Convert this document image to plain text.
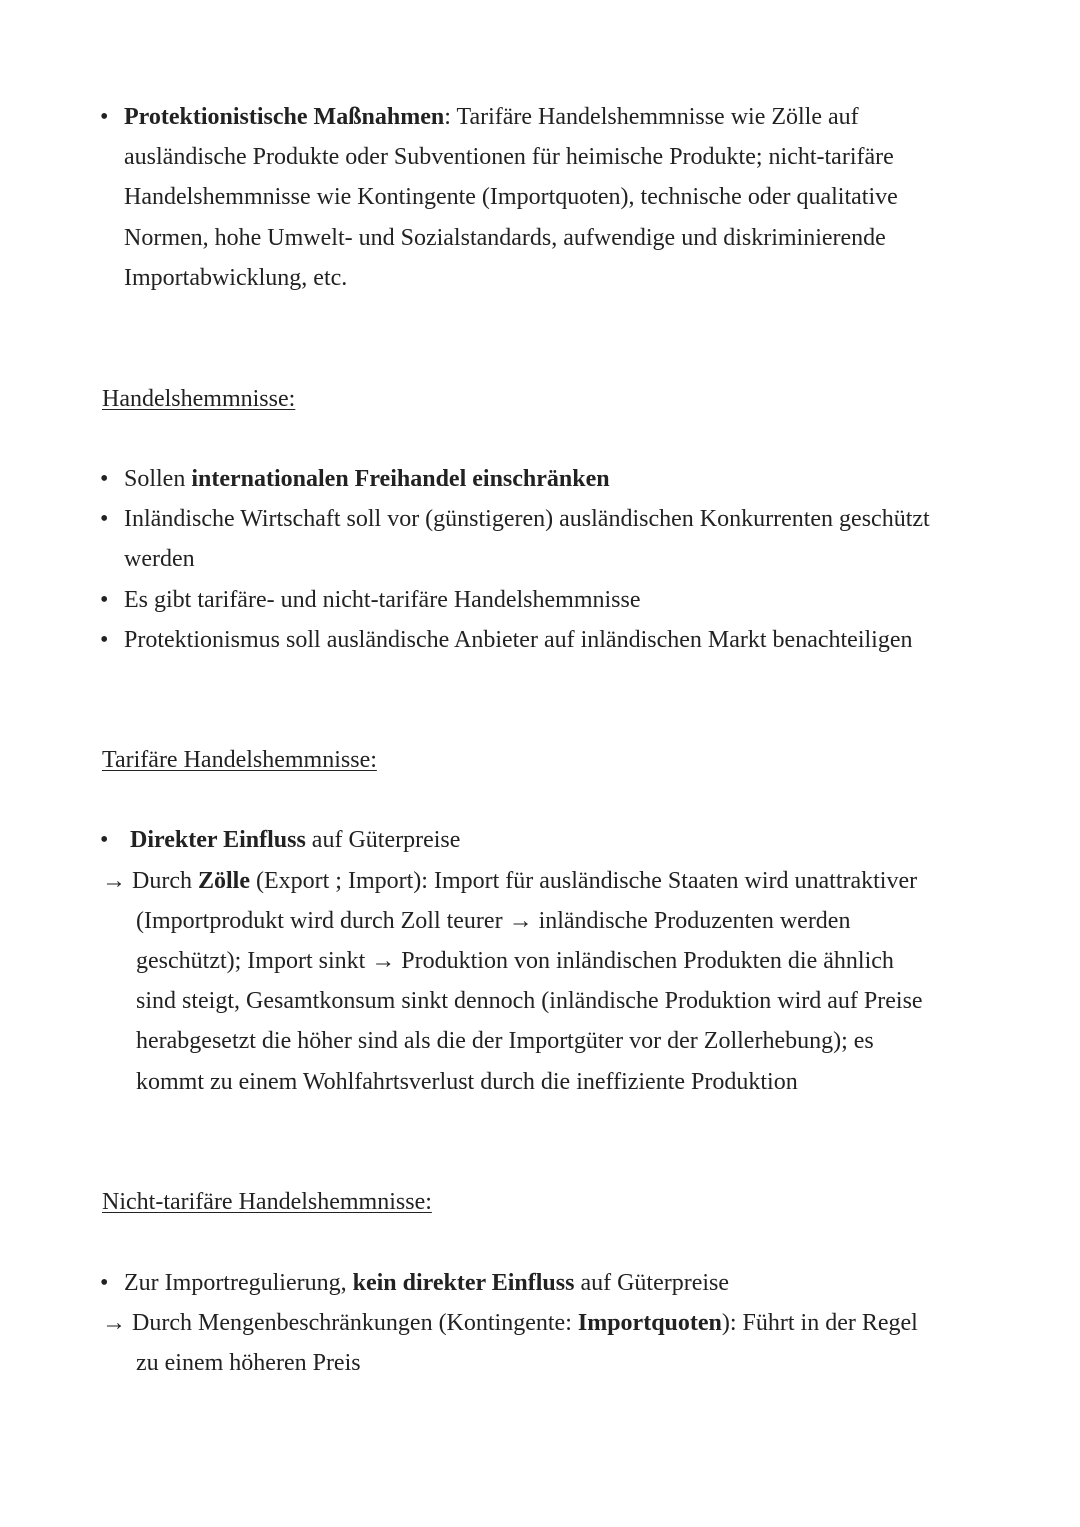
• Protektionistische Maßnahmen: Tarifäre Handelshemmnisse wie Zölle auf
ausländische Produkte oder Subventionen für heimische Produkte; nicht-tarifäre
Handelshemmnisse wie Kontingente (Importquoten), technische oder qualitative
Normen, hohe Umwelt- und Sozialstandards, aufwendige und diskriminierende
Importabwicklung, etc.
Handelshemmnisse:
• Sollen internationalen Freihandel einschränken
• Inländische Wirtschaft soll vor (günstigeren) ausländischen Konkurrenten geschützt
werden
• Es gibt tarifäre- und nicht-tarifäre Handelshemmnisse
• Protektionismus soll ausländische Anbieter auf inländischen Markt benachteiligen
Tarifäre Handelshemmnisse:
• Direkter Einfluss auf Güterpreise
→ Durch Zölle (Export ; Import): Import für ausländische Staaten wird unattraktiver
(Importprodukt wird durch Zoll teurer → inländische Produzenten werden
geschützt); Import sinkt → Produktion von inländischen Produkten die ähnlich
sind steigt, Gesamtkonsum sinkt dennoch (inländische Produktion wird auf Preise
herabgesetzt die höher sind als die der Importgüter vor der Zollerhebung); es
kommt zu einem Wohlfahrtsverlust durch die ineffiziente Produktion
Nicht-tarifäre Handelshemmnisse:
• Zur Importregulierung, kein direkter Einfluss auf Güterpreise
→ Durch Mengenbeschränkungen (Kontingente: Importquoten): Führt in der Regel
zu einem höheren Preis
